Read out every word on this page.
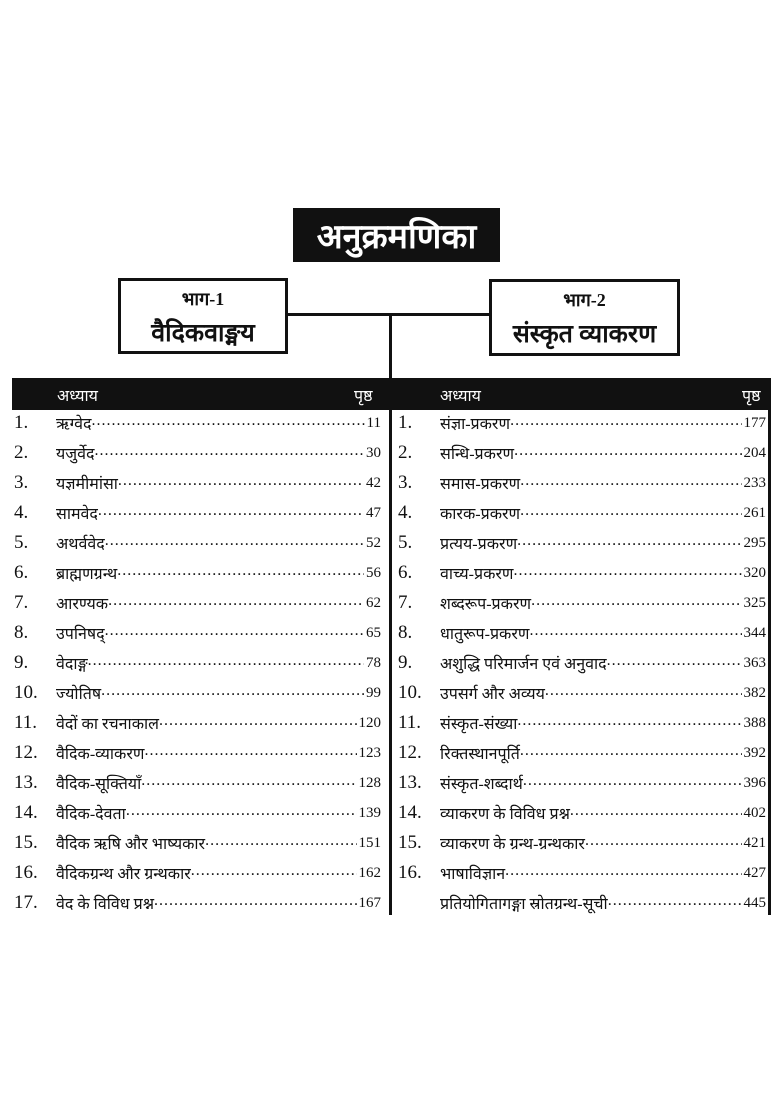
अनुक्रमणिका
भाग-1
वैदिकवाङ्मय
भाग-2
संस्कृत व्याकरण
अध्याय	पृष्ठ	अध्याय	पृष्ठ
1.	ऋग्वेद .....	11
2.	यजुर्वेद .....	30
3.	यज्ञमीमांसा .....	42
4.	सामवेद .....	47
5.	अथर्ववेद .....	52
6.	ब्राह्मणग्रन्थ .....	56
7.	आरण्यक .....	62
8.	उपनिषद् .....	65
9.	वेदाङ्ग .....	78
10.	ज्योतिष .....	99
11.	वेदों का रचनाकाल .....	120
12.	वैदिक-व्याकरण .....	123
13.	वैदिक-सूक्तियाँ .....	128
14.	वैदिक-देवता .....	139
15.	वैदिक ऋषि और भाष्यकार .....	151
16.	वैदिकग्रन्थ और ग्रन्थकार .....	162
17.	वेद के विविध प्रश्न .....	167
1.	संज्ञा-प्रकरण .....	177
2.	सन्धि-प्रकरण .....	204
3.	समास-प्रकरण .....	233
4.	कारक-प्रकरण .....	261
5.	प्रत्यय-प्रकरण .....	295
6.	वाच्य-प्रकरण .....	320
7.	शब्दरूप-प्रकरण .....	325
8.	धातुरूप-प्रकरण .....	344
9.	अशुद्धि परिमार्जन एवं अनुवाद .....	363
10.	उपसर्ग और अव्यय .....	382
11.	संस्कृत-संख्या .....	388
12.	रिक्तस्थानपूर्ति .....	392
13.	संस्कृत-शब्दार्थ .....	396
14.	व्याकरण के विविध प्रश्न .....	402
15.	व्याकरण के ग्रन्थ-ग्रन्थकार .....	421
16.	भाषाविज्ञान .....	427
प्रतियोगितागङ्गा स्रोतग्रन्थ-सूची .....	445
